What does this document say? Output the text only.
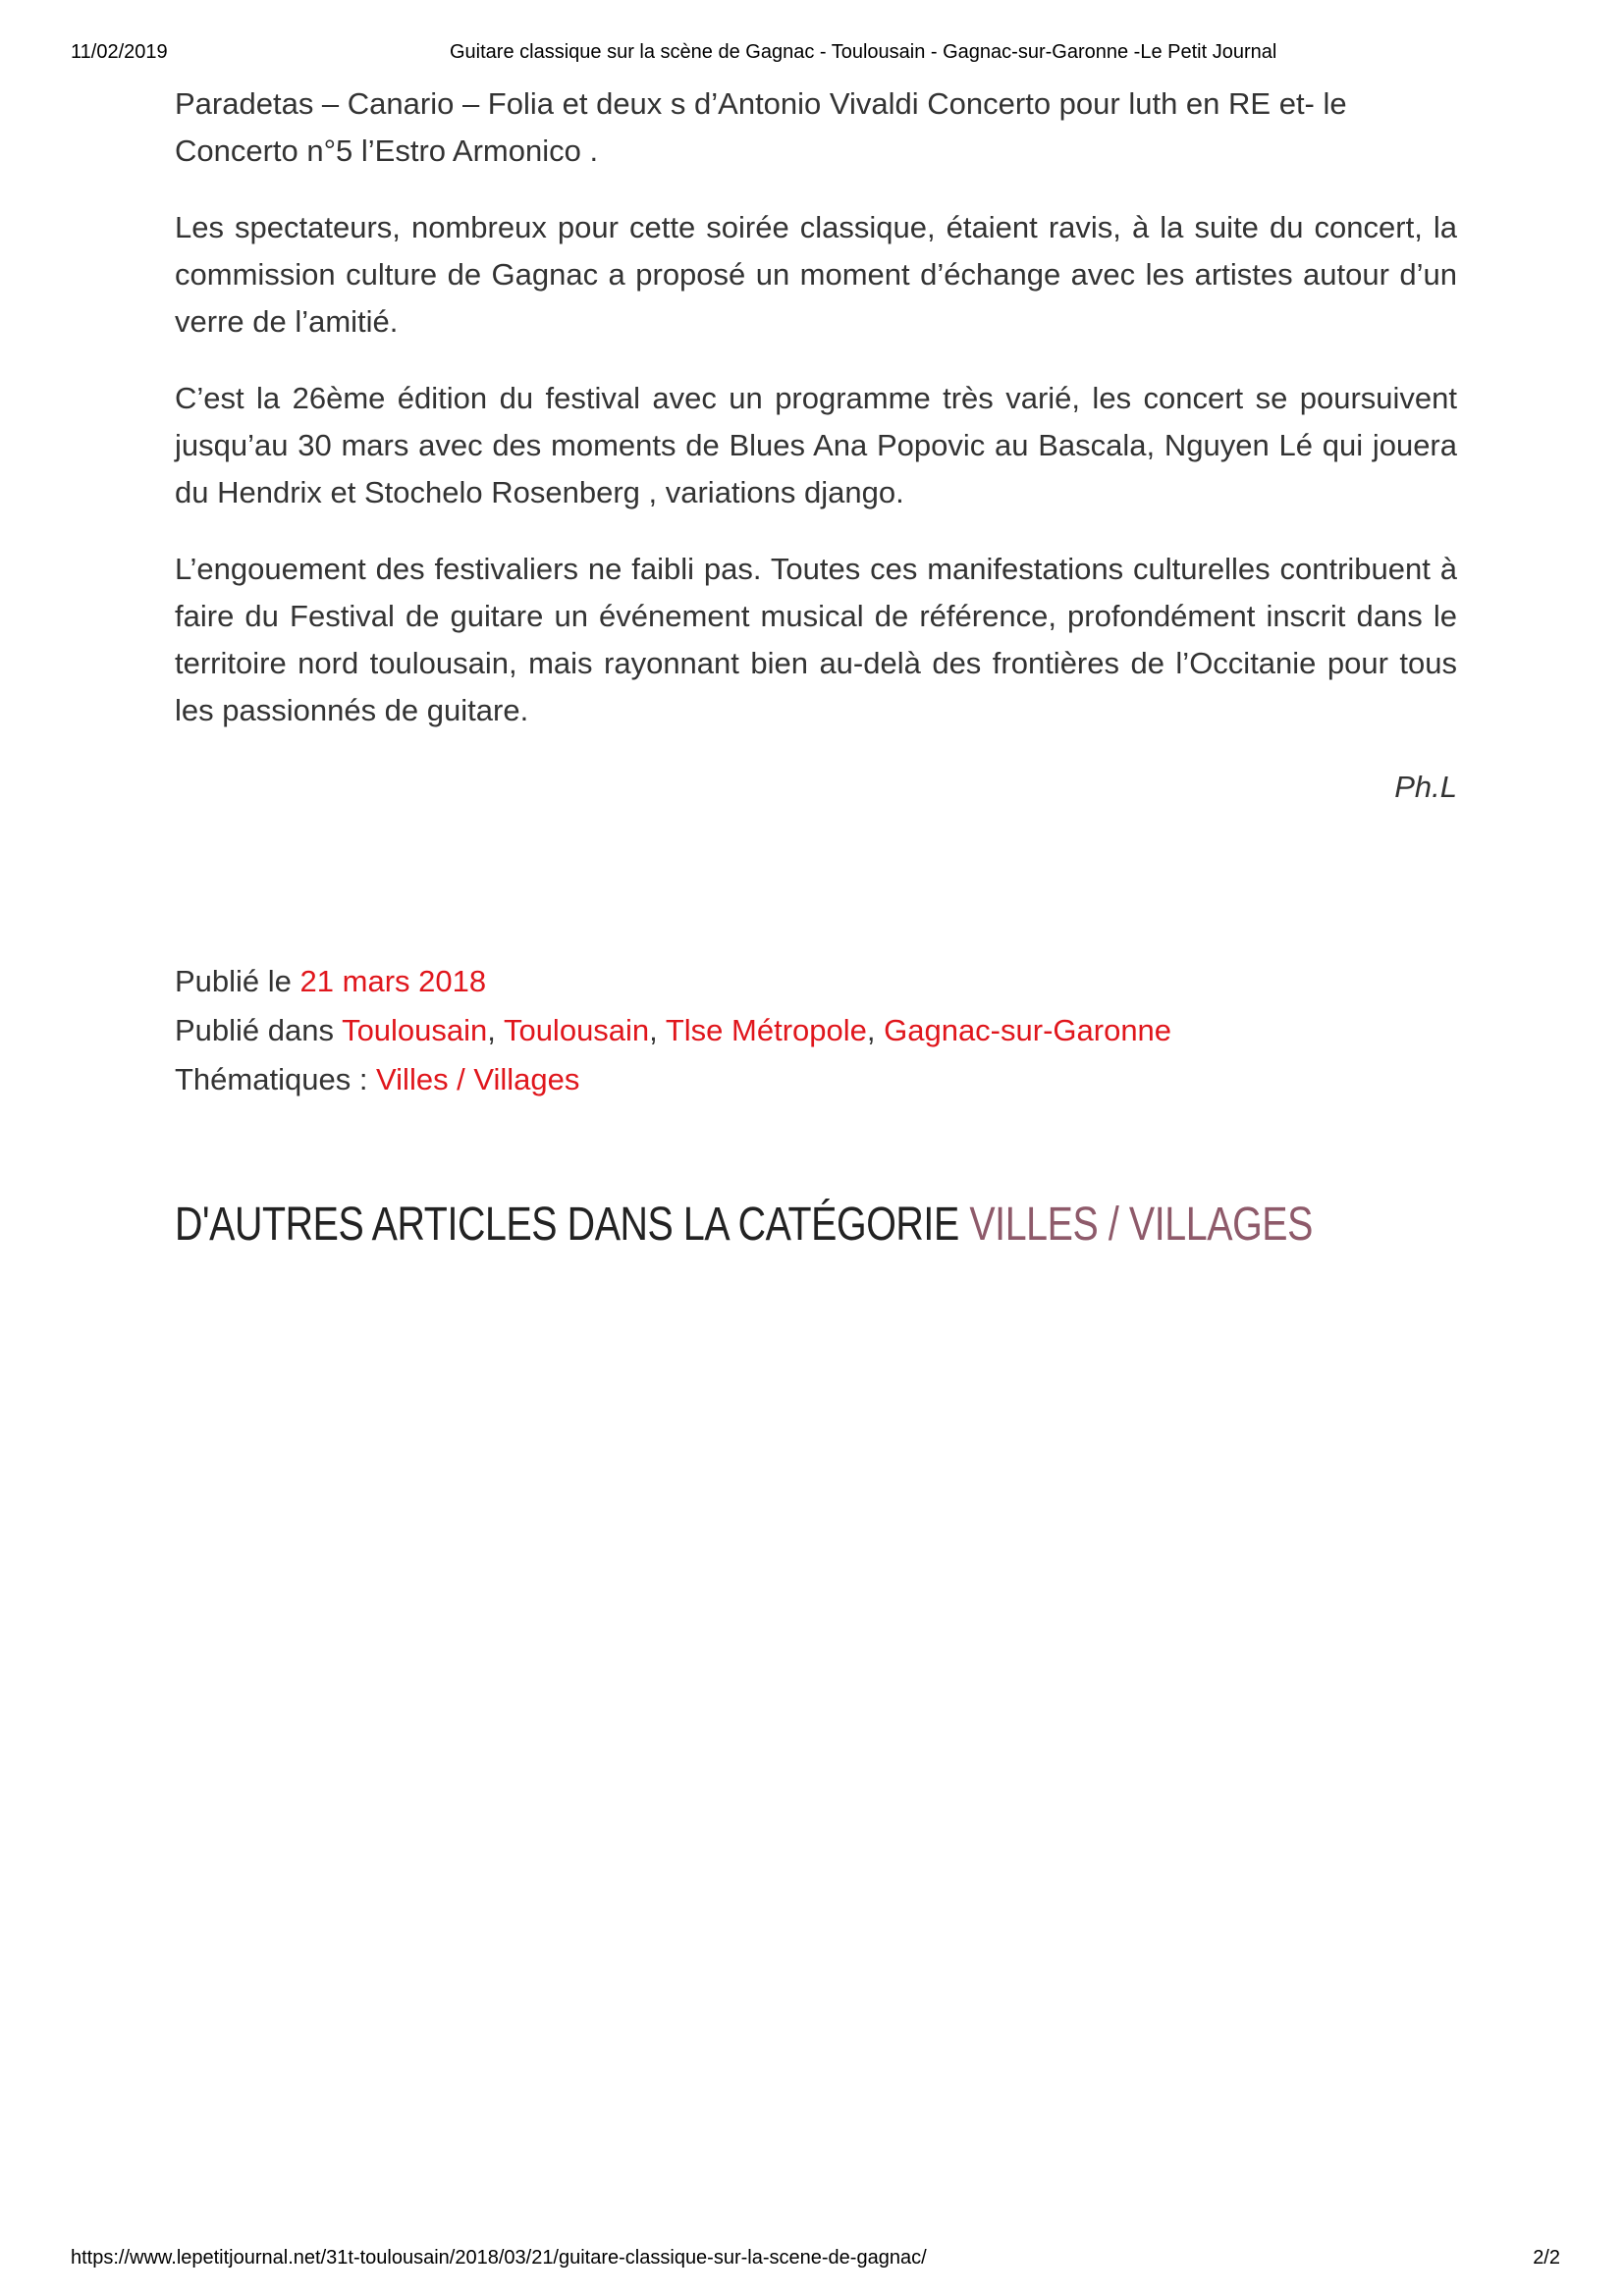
11/02/2019	Guitare classique sur la scène de Gagnac - Toulousain - Gagnac-sur-Garonne -Le Petit Journal

Paradetas – Canario – Folia et deux s d’Antonio Vivaldi Concerto pour luth en RE et- le Concerto n°5 l’Estro Armonico .

Les spectateurs, nombreux pour cette soirée classique, étaient ravis, à la suite du concert, la commission culture de Gagnac a proposé un moment d’échange avec les artistes autour d’un verre de l’amitié.

C’est la 26ème édition du festival avec un programme très varié, les concert se poursuivent jusqu’au 30 mars avec des moments de Blues Ana Popovic au Bascala, Nguyen Lé qui jouera du Hendrix et Stochelo Rosenberg , variations django.

L’engouement des festivaliers ne faibli pas. Toutes ces manifestations culturelles contribuent à faire du Festival de guitare un événement musical de référence, profondément inscrit dans le territoire nord toulousain, mais rayonnant bien au-delà des frontières de l’Occitanie pour tous les passionnés de guitare.

Ph.L
Publié le 21 mars 2018
Publié dans Toulousain, Toulousain, Tlse Métropole, Gagnac-sur-Garonne
Thématiques : Villes / Villages
D'AUTRES ARTICLES DANS LA CATÉGORIE VILLES / VILLAGES
https://www.lepetitjournal.net/31t-toulousain/2018/03/21/guitare-classique-sur-la-scene-de-gagnac/	2/2
